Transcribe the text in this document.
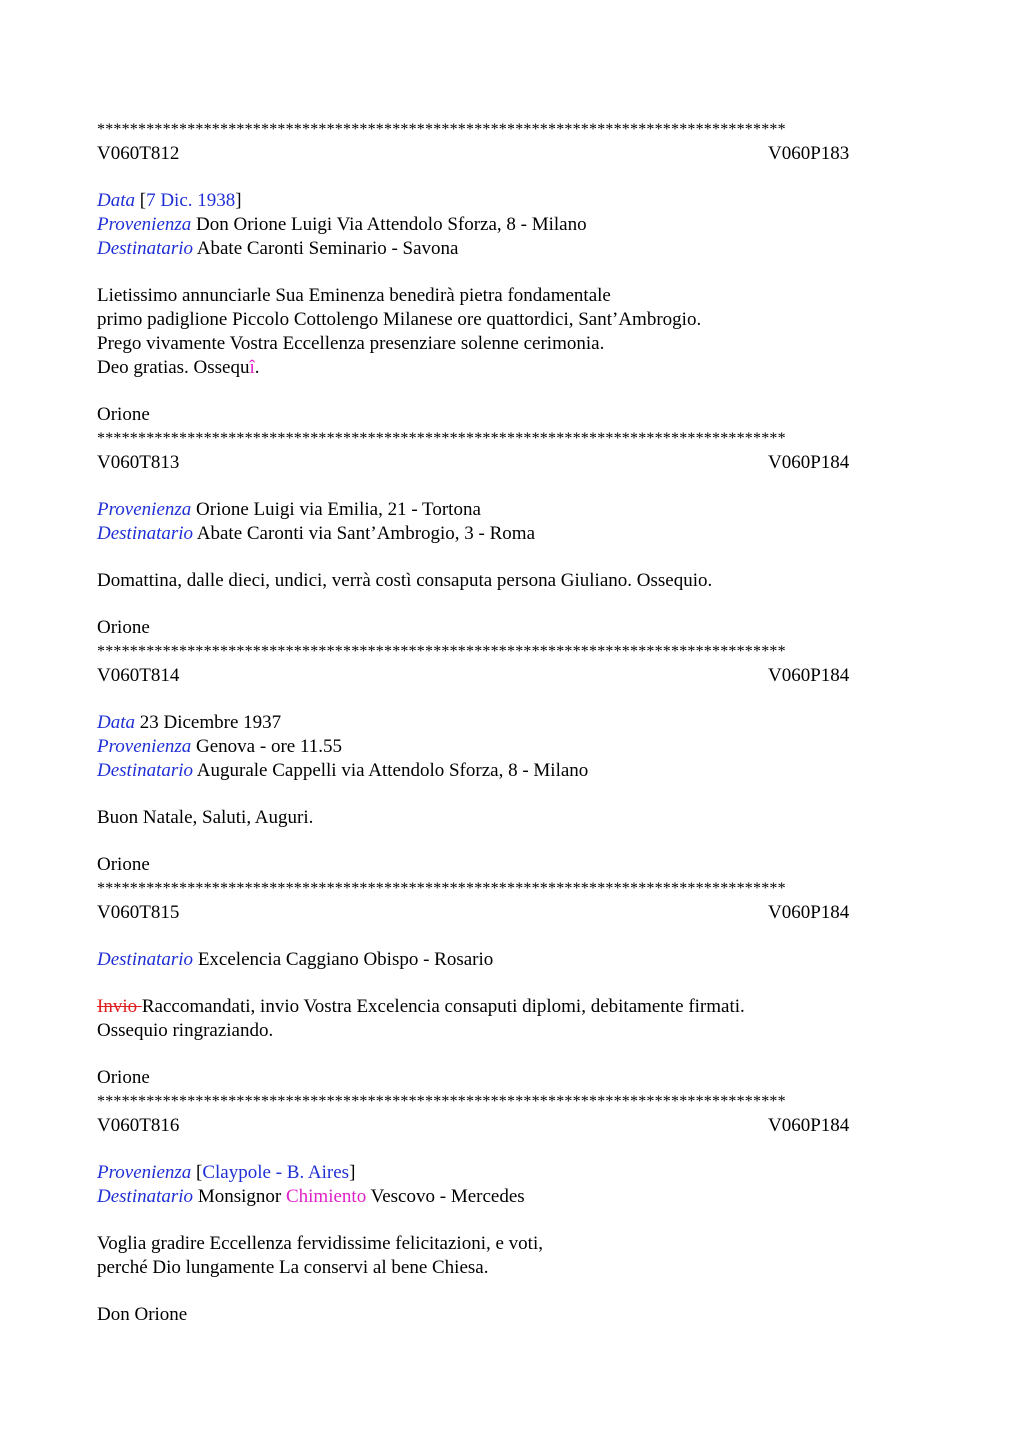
************************************************************************************
V060T812	V060P183
Data [7 Dic. 1938]
Provenienza Don Orione Luigi Via Attendolo Sforza, 8 - Milano
Destinatario Abate Caronti Seminario - Savona
Lietissimo annunciarle Sua Eminenza benedirà pietra fondamentale
primo padiglione Piccolo Cottolengo Milanese ore quattordici, Sant’Ambrogio.
Prego vivamente Vostra Eccellenza presenziare solenne cerimonia.
Deo gratias. Ossequî.
Orione
************************************************************************************
V060T813	V060P184
Provenienza Orione Luigi via Emilia, 21 - Tortona
Destinatario Abate Caronti via Sant’Ambrogio, 3 - Roma
Domattina, dalle dieci, undici, verrà costì consaputa persona Giuliano. Ossequio.
Orione
************************************************************************************
V060T814	V060P184
Data 23 Dicembre 1937
Provenienza Genova - ore 11.55
Destinatario Augurale Cappelli via Attendolo Sforza, 8 - Milano
Buon Natale, Saluti, Auguri.
Orione
************************************************************************************
V060T815	V060P184
Destinatario Excelencia Caggiano Obispo - Rosario
Invio Raccomandati, invio Vostra Excelencia consaputi diplomi, debitamente firmati.
Ossequio ringraziando.
Orione
************************************************************************************
V060T816	V060P184
Provenienza [Claypole - B. Aires]
Destinatario Monsignor Chimiento Vescovo - Mercedes
Voglia gradire Eccellenza fervidissime felicitazioni, e voti,
perché Dio lungamente La conservi al bene Chiesa.
Don Orione
